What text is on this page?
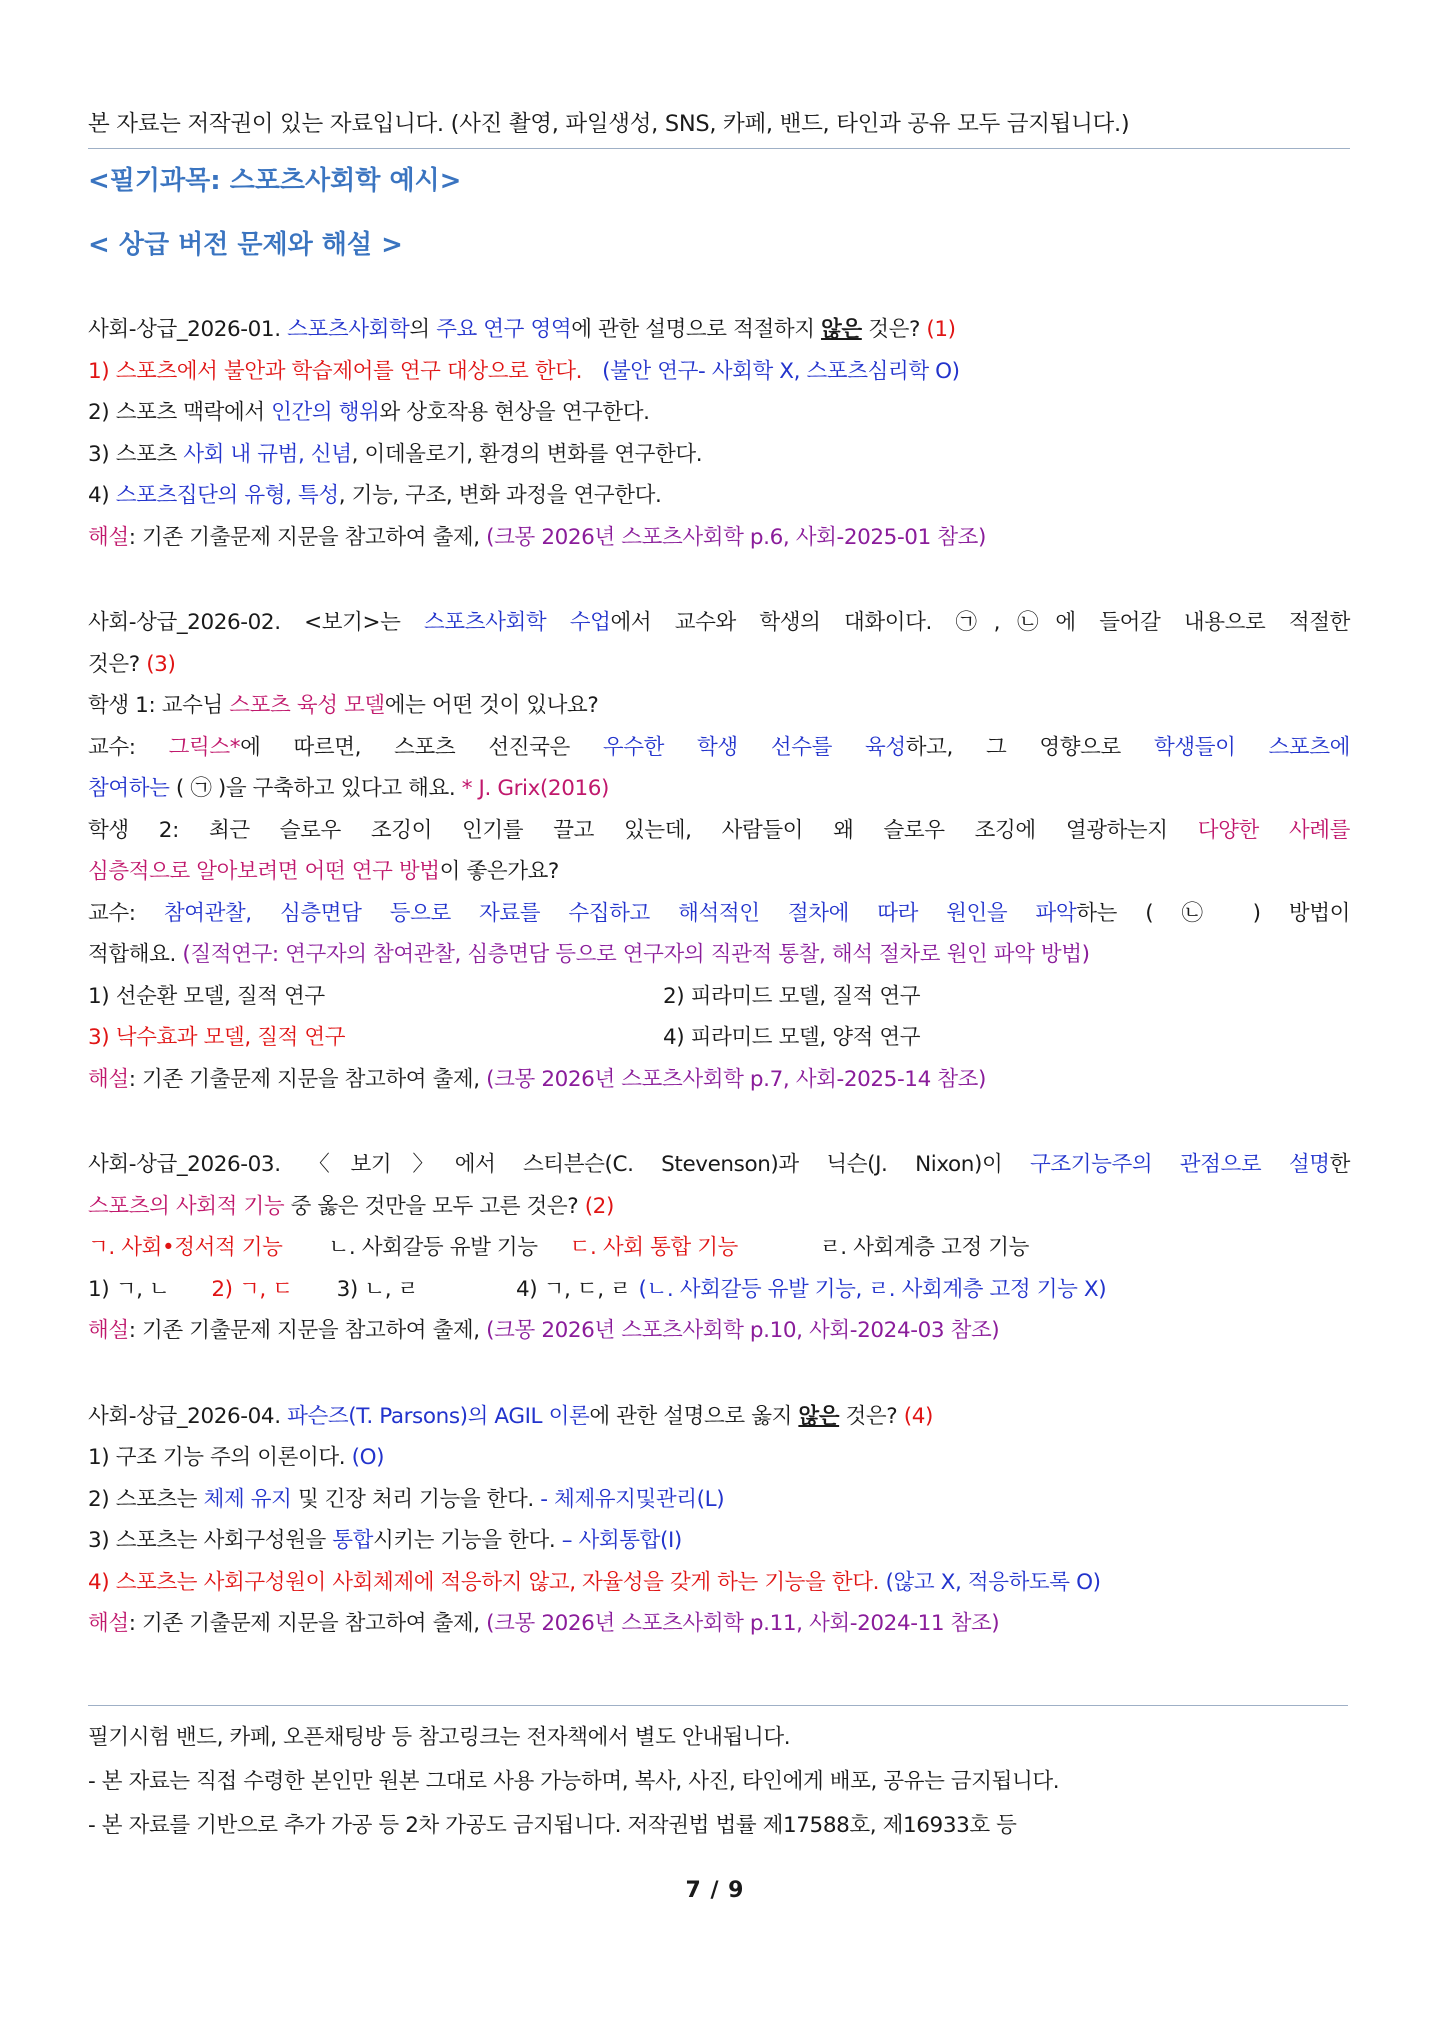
본 자료는 저작권이 있는 자료입니다. (사진 촬영, 파일생성, SNS, 카페, 밴드, 타인과 공유 모두 금지됩니다.)
<필기과목: 스포츠사회학 예시>
< 상급 버전 문제와 해설 >
사회-상급_2026-01. 스포츠사회학의 주요 연구 영역에 관한 설명으로 적절하지 않은 것은? (1)
1) 스포츠에서 불안과 학습제어를 연구 대상으로 한다. (불안 연구- 사회학 X, 스포츠심리학 O)
2) 스포츠 맥락에서 인간의 행위와 상호작용 현상을 연구한다.
3) 스포츠 사회 내 규범, 신념, 이데올로기, 환경의 변화를 연구한다.
4) 스포츠집단의 유형, 특성, 기능, 구조, 변화 과정을 연구한다.
해설: 기존 기출문제 지문을 참고하여 출제, (크몽 2026년 스포츠사회학 p.6, 사회-2025-01 참조)
사회-상급_2026-02. <보기>는 스포츠사회학 수업에서 교수와 학생의 대화이다. ㉠,㉡에 들어갈 내용으로 적절한
것은? (3)
학생 1: 교수님 스포츠 육성 모델에는 어떤 것이 있나요?
교수: 그릭스*에 따르면, 스포츠 선진국은 우수한 학생 선수를 육성하고, 그 영향으로 학생들이 스포츠에
참여하는 ( ㉠ )을 구축하고 있다고 해요. * J. Grix(2016)
학생 2: 최근 슬로우 조깅이 인기를 끌고 있는데, 사람들이 왜 슬로우 조깅에 열광하는지 다양한 사례를
심층적으로 알아보려면 어떤 연구 방법이 좋은가요?
교수: 참여관찰, 심층면담 등으로 자료를 수집하고 해석적인 절차에 따라 원인을 파악하는 ( ㉡ ) 방법이
적합해요. (질적연구: 연구자의 참여관찰, 심층면담 등으로 연구자의 직관적 통찰, 해석 절차로 원인 파악 방법)
1) 선순환 모델, 질적 연구	2) 피라미드 모델, 질적 연구
3) 낙수효과 모델, 질적 연구	4) 피라미드 모델, 양적 연구
해설: 기존 기출문제 지문을 참고하여 출제, (크몽 2026년 스포츠사회학 p.7, 사회-2025-14 참조)
사회-상급_2026-03. 〈보기〉에서 스티븐슨(C. Stevenson)과 닉슨(J. Nixon)이 구조기능주의 관점으로 설명한
스포츠의 사회적 기능 중 옳은 것만을 모두 고른 것은? (2)
ㄱ. 사회•정서적 기능 ㄴ. 사회갈등 유발 기능 ㄷ. 사회 통합 기능	ㄹ. 사회계층 고정 기능
1) ㄱ, ㄴ 2) ㄱ, ㄷ 3) ㄴ, ㄹ	4) ㄱ, ㄷ, ㄹ (ㄴ. 사회갈등 유발 기능, ㄹ. 사회계층 고정 기능 X)
해설: 기존 기출문제 지문을 참고하여 출제, (크몽 2026년 스포츠사회학 p.10, 사회-2024-03 참조)
사회-상급_2026-04. 파슨즈(T. Parsons)의 AGIL 이론에 관한 설명으로 옳지 않은 것은? (4)
1) 구조 기능 주의 이론이다. (O)
2) 스포츠는 체제 유지 및 긴장 처리 기능을 한다. - 체제유지및관리(L)
3) 스포츠는 사회구성원을 통합시키는 기능을 한다. – 사회통합(I)
4) 스포츠는 사회구성원이 사회체제에 적응하지 않고, 자율성을 갖게 하는 기능을 한다. (않고 X, 적응하도록 O)
해설: 기존 기출문제 지문을 참고하여 출제, (크몽 2026년 스포츠사회학 p.11, 사회-2024-11 참조)
필기시험 밴드, 카페, 오픈채팅방 등 참고링크는 전자책에서 별도 안내됩니다.
- 본 자료는 직접 수령한 본인만 원본 그대로 사용 가능하며, 복사, 사진, 타인에게 배포, 공유는 금지됩니다.
- 본 자료를 기반으로 추가 가공 등 2차 가공도 금지됩니다. 저작권법 법률 제17588호, 제16933호 등
7 / 9
